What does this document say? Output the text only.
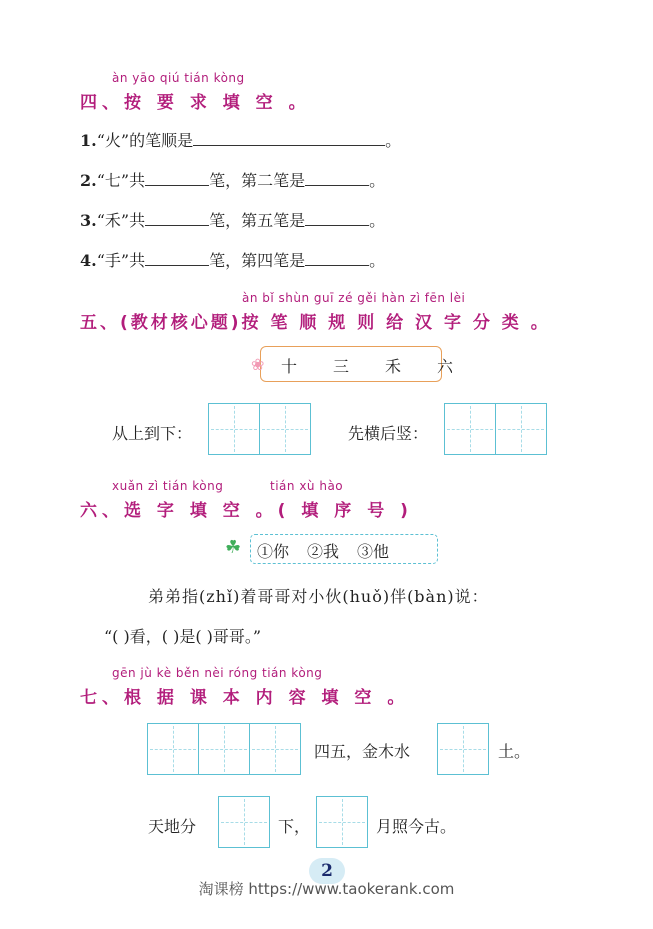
àn yāo qiú tián kòng
四、按 要 求 填 空 。
1.“火”的笔顺是	。
2.“七”共	笔，第二笔是	。
3.“禾”共	笔，第五笔是	。
4.“手”共	笔，第四笔是	。
àn bǐ shùn guī zé gěi hàn zì fēn lèi
五、(教材核心题)按 笔 顺 规 则 给 汉 字 分 类 。
❀ 十 三 禾 六
从上到下：	先横后竖：
xuǎn zì tián kòng	tián xù hào
六、选 字 填 空 。( 填 序 号 )
☘ ①你 ②我 ③他
弟弟指(zhǐ)着哥哥对小伙(huǒ)伴(bàn)说：
“( )看，( )是( )哥哥。”
gēn jù kè běn nèi róng tián kòng
七、根 据 课 本 内 容 填 空 。
四五，金木水	土。
天地分	下，	月照今古。
2
淘课榜 https://www.taokerank.com
